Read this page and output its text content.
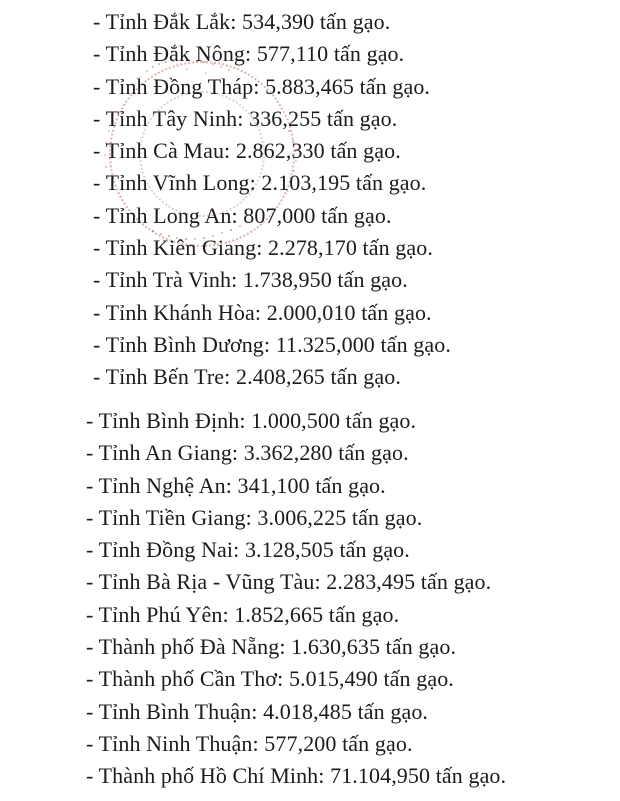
- Tỉnh Đắk Lắk: 534,390 tấn gạo.
- Tỉnh Đắk Nông: 577,110 tấn gạo.
- Tỉnh Đồng Tháp: 5.883,465 tấn gạo.
- Tỉnh Tây Ninh: 336,255 tấn gạo.
- Tỉnh Cà Mau: 2.862,330 tấn gạo.
- Tỉnh Vĩnh Long: 2.103,195 tấn gạo.
- Tỉnh Long An: 807,000 tấn gạo.
- Tỉnh Kiên Giang: 2.278,170 tấn gạo.
- Tỉnh Trà Vinh: 1.738,950 tấn gạo.
- Tỉnh Khánh Hòa: 2.000,010 tấn gạo.
- Tỉnh Bình Dương: 11.325,000 tấn gạo.
- Tỉnh Bến Tre: 2.408,265 tấn gạo.
- Tỉnh Bình Định: 1.000,500 tấn gạo.
- Tỉnh An Giang: 3.362,280 tấn gạo.
- Tỉnh Nghệ An: 341,100 tấn gạo.
- Tỉnh Tiền Giang: 3.006,225 tấn gạo.
- Tỉnh Đồng Nai: 3.128,505 tấn gạo.
- Tỉnh Bà Rịa - Vũng Tàu: 2.283,495 tấn gạo.
- Tỉnh Phú Yên: 1.852,665 tấn gạo.
- Thành phố Đà Nẵng: 1.630,635 tấn gạo.
- Thành phố Cần Thơ: 5.015,490 tấn gạo.
- Tỉnh Bình Thuận: 4.018,485 tấn gạo.
- Tỉnh Ninh Thuận: 577,200 tấn gạo.
- Thành phố Hồ Chí Minh: 71.104,950 tấn gạo.
